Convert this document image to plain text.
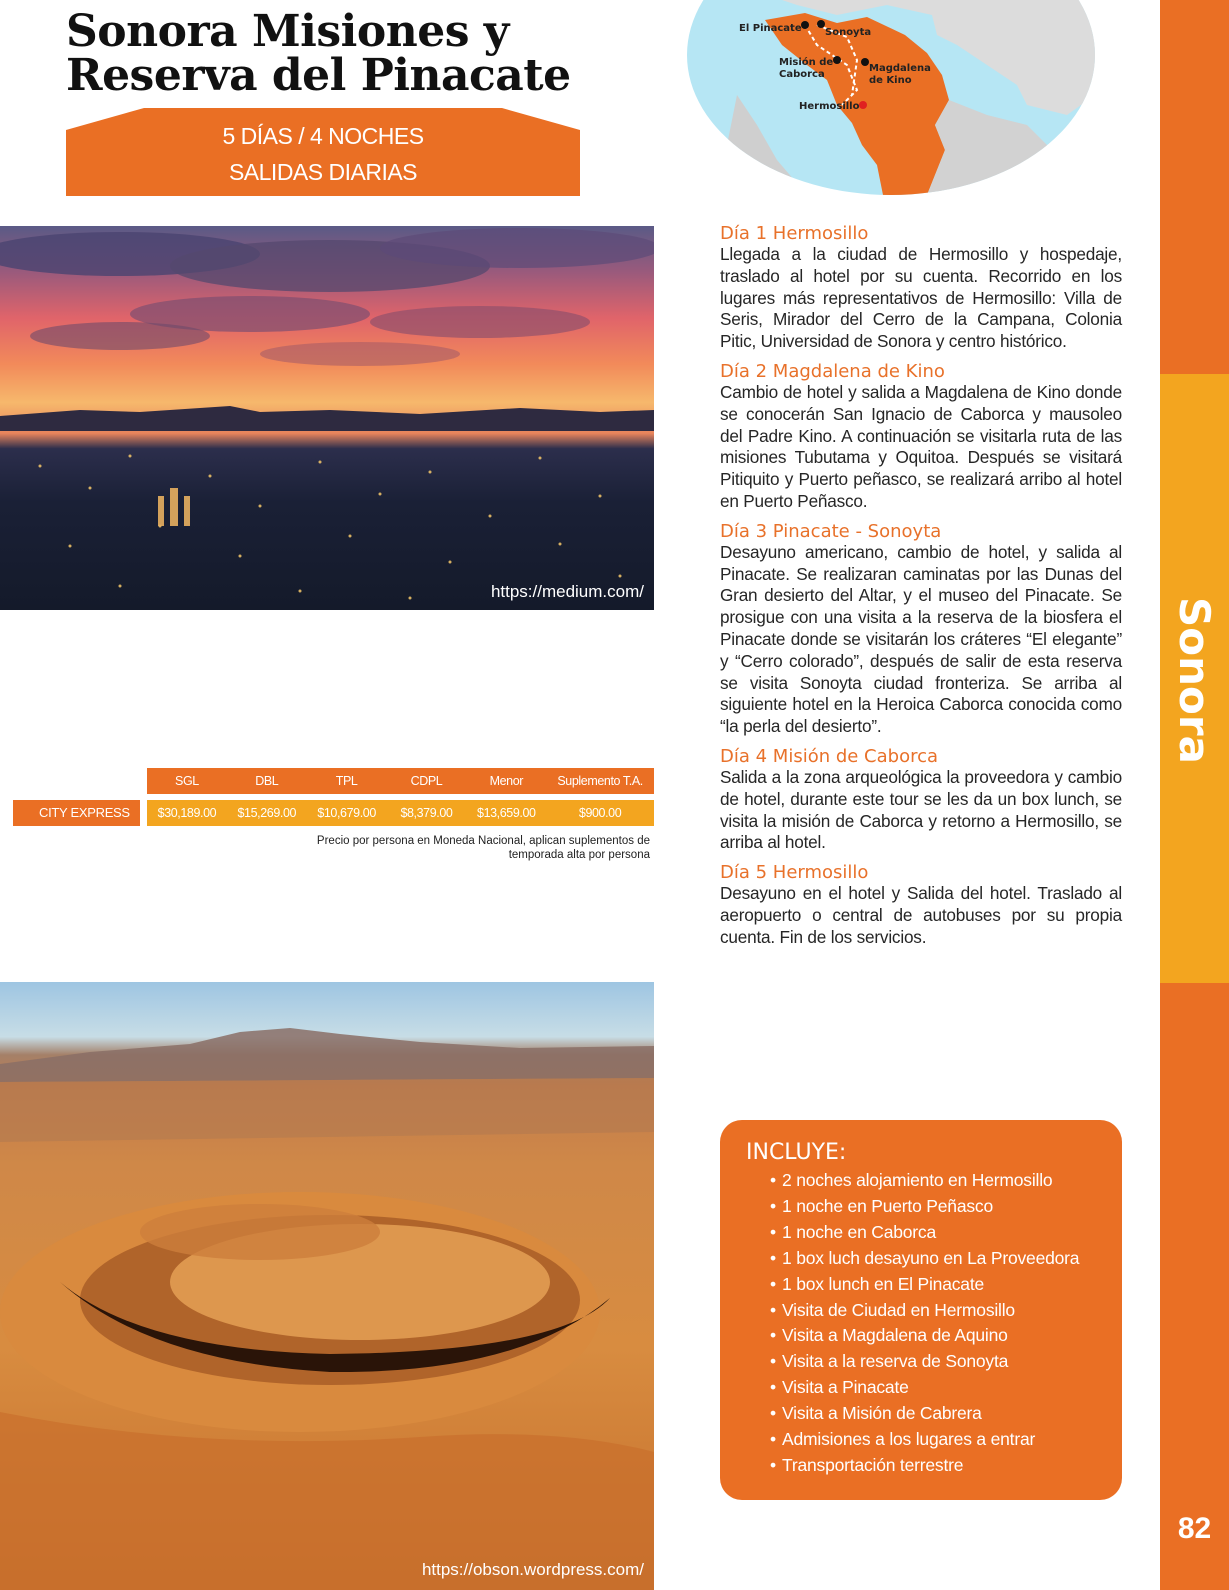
Sonora Misiones y
Reserva del Pinacate
5 DÍAS / 4 NOCHES
SALIDAS DIARIAS
El Pinacate Sonoyta
Misión de
Caborca
Magdalena
de Kino
Hermosillo
https://medium.com/
SGL	DBL	TPL	CDPL	Menor	Suplemento T.A.
CITY EXPRESS	$30,189.00	$15,269.00	$10,679.00	$8,379.00	$13,659.00	$900.00
Precio por persona en Moneda Nacional, aplican suplementos de
temporada alta por persona
https://obson.wordpress.com/
Día 1 Hermosillo
Llegada a la ciudad de Hermosillo y hospedaje, traslado al hotel por su cuenta. Recorrido en los lugares más representativos de Hermosillo: Villa de Seris, Mirador del Cerro de la Campana, Colonia Pitic, Universidad de Sonora y centro histórico.
Día 2 Magdalena de Kino
Cambio de hotel y salida a Magdalena de Kino donde se conocerán San Ignacio de Caborca y mausoleo del Padre Kino. A continuación se visitarla ruta de las misiones Tubutama y Oquitoa. Después se visitará Pitiquito y Puerto peñasco, se realizará arribo al hotel en Puerto Peñasco.
Día 3 Pinacate - Sonoyta
Desayuno americano, cambio de hotel, y salida al Pinacate. Se realizaran caminatas por las Dunas del Gran desierto del Altar, y el museo del Pinacate. Se prosigue con una visita a la reserva de la biosfera el Pinacate donde se visitarán los cráteres “El elegante” y “Cerro colorado”, después de salir de esta reserva se visita Sonoyta ciudad fronteriza. Se arriba al siguiente hotel en la Heroica Caborca conocida como “la perla del desierto”.
Día 4 Misión de Caborca
Salida a la zona arqueológica la proveedora y cambio de hotel, durante este tour se les da un box lunch, se visita la misión de Caborca y retorno a Hermosillo, se arriba al hotel.
Día 5 Hermosillo
Desayuno en el hotel y Salida del hotel. Traslado al aeropuerto o central de autobuses por su propia cuenta. Fin de los servicios.
INCLUYE:
• 2 noches alojamiento en Hermosillo
• 1 noche en Puerto Peñasco
• 1 noche en Caborca
• 1 box luch desayuno en La Proveedora
• 1 box lunch en El Pinacate
• Visita de Ciudad en Hermosillo
• Visita a Magdalena de Aquino
• Visita a la reserva de Sonoyta
• Visita a Pinacate
• Visita a Misión de Cabrera
• Admisiones a los lugares a entrar
• Transportación terrestre
Sonora
82
